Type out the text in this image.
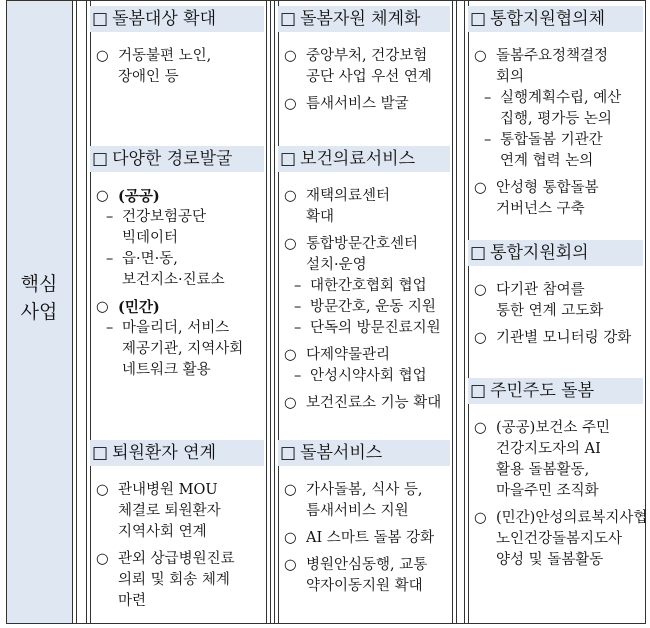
핵심
사업
□ 돌봄대상 확대
○ 거동불편 노인,
장애인 등
□ 다양한 경로발굴
○ (공공)
– 건강보험공단
빅데이터
– 읍·면·동,
보건지소·진료소
○ (민간)
– 마을리더, 서비스
제공기관, 지역사회
네트워크 활용
□ 퇴원환자 연계
○ 관내병원 MOU
체결로 퇴원환자
지역사회 연계
○ 관외 상급병원진료
의뢰 및 회송 체계
마련
□ 돌봄자원 체계화
○ 중앙부처, 건강보험
공단 사업 우선 연계
○ 틈새서비스 발굴
□ 보건의료서비스
○ 재택의료센터
확대
○ 통합방문간호센터
설치·운영
– 대한간호협회 협업
– 방문간호, 운동 지원
– 단독의 방문진료지원
○ 다제약물관리
– 안성시약사회 협업
○ 보건진료소 기능 확대
□ 돌봄서비스
○ 가사돌봄, 식사 등,
틈새서비스 지원
○ AI 스마트 돌봄 강화
○ 병원안심동행, 교통
약자이동지원 확대
□ 통합지원협의체
○ 돌봄주요정책결정
회의
– 실행계획수립, 예산
집행, 평가등 논의
– 통합돌봄 기관간
연계 협력 논의
○ 안성형 통합돌봄
거버넌스 구축
□ 통합지원회의
○ 다기관 참여를
통한 연계 고도화
○ 기관별 모니터링 강화
□ 주민주도 돌봄
○ (공공)보건소 주민
건강지도자의 AI
활용 돌봄활동,
마을주민 조직화
○ (민간)안성의료복지사협
노인건강돌봄지도사
양성 및 돌봄활동
